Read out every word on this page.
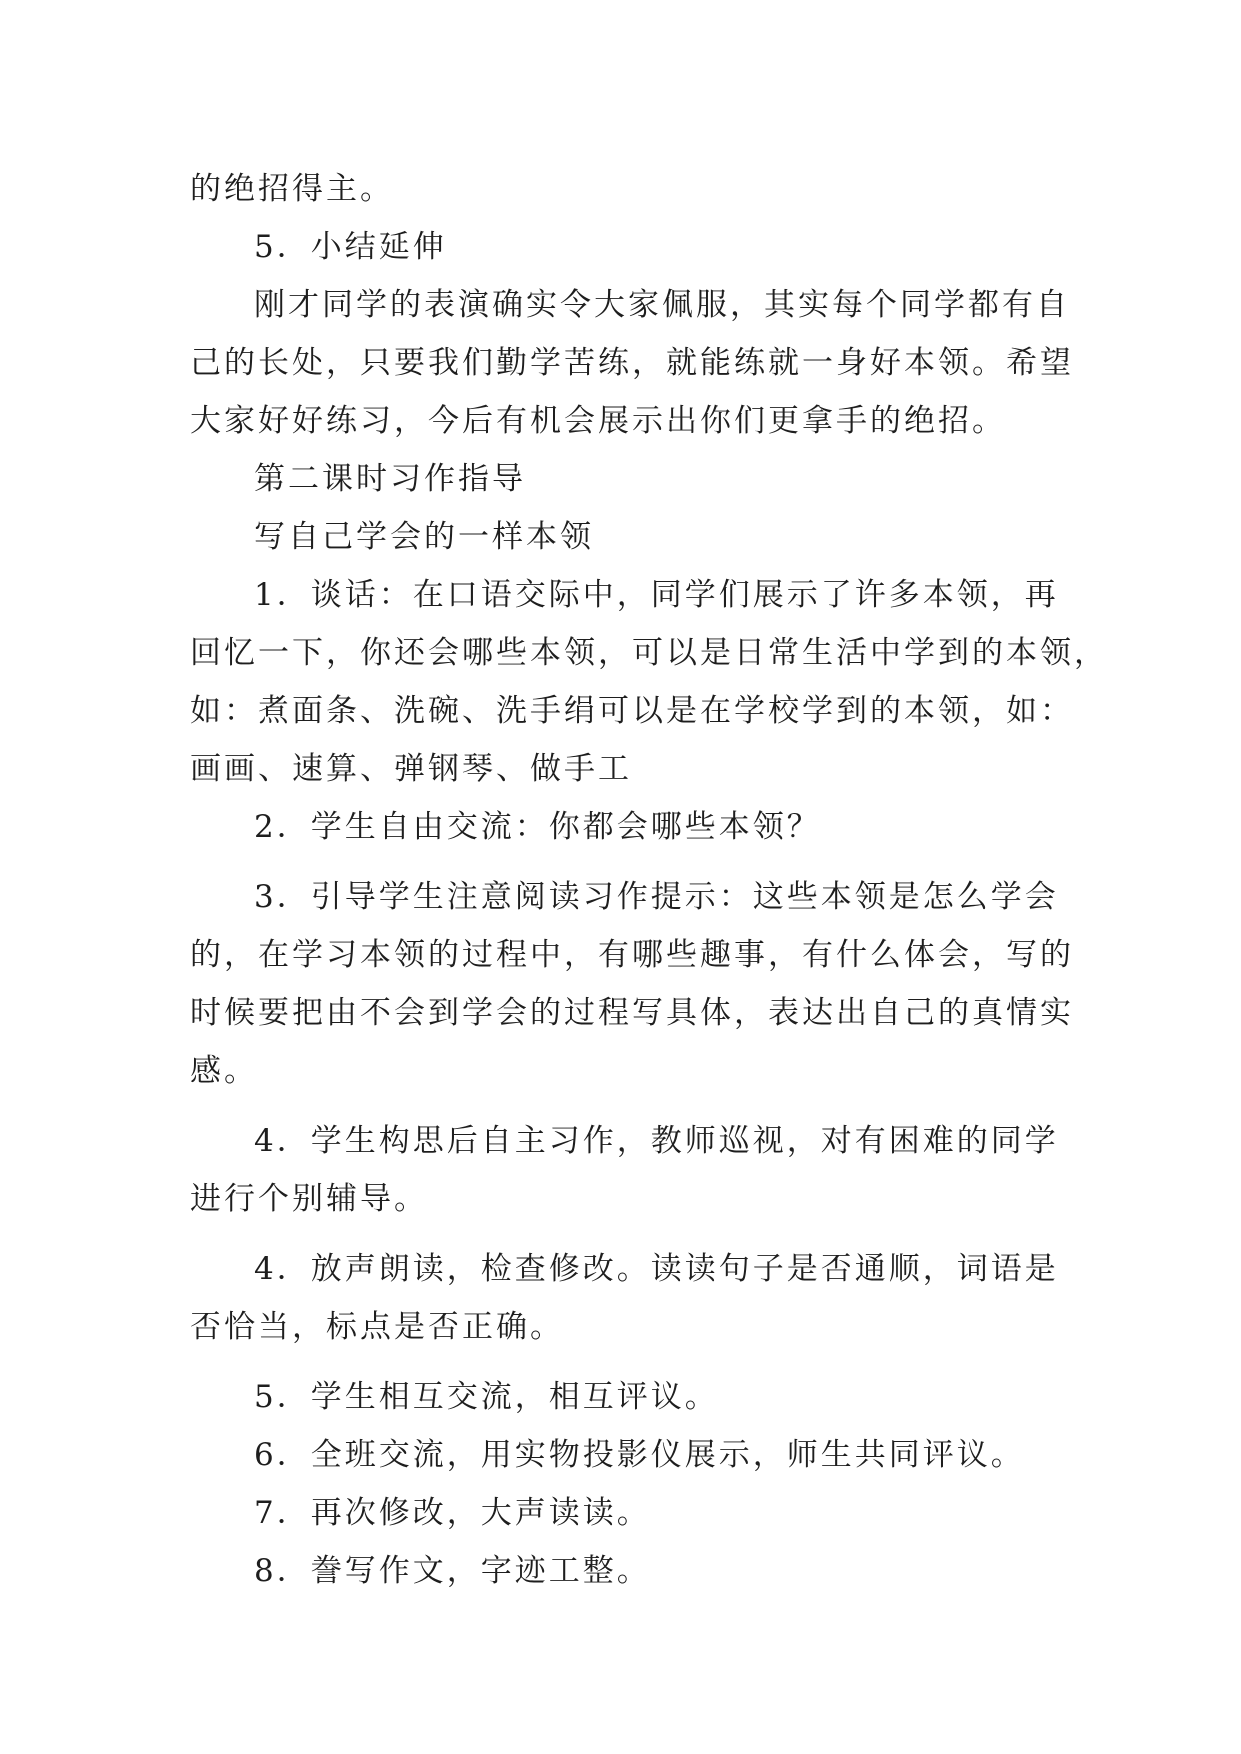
的绝招得主。
5．小结延伸
刚才同学的表演确实令大家佩服，其实每个同学都有自
己的长处，只要我们勤学苦练，就能练就一身好本领。希望
大家好好练习，今后有机会展示出你们更拿手的绝招。
第二课时习作指导
写自己学会的一样本领
1．谈话：在口语交际中，同学们展示了许多本领，再
回忆一下，你还会哪些本领，可以是日常生活中学到的本领，
如：煮面条、洗碗、洗手绢可以是在学校学到的本领，如：
画画、速算、弹钢琴、做手工
2．学生自由交流：你都会哪些本领？
3．引导学生注意阅读习作提示：这些本领是怎么学会
的，在学习本领的过程中，有哪些趣事，有什么体会，写的
时候要把由不会到学会的过程写具体，表达出自己的真情实
感。
4．学生构思后自主习作，教师巡视，对有困难的同学
进行个别辅导。
4．放声朗读，检查修改。读读句子是否通顺，词语是
否恰当，标点是否正确。
5．学生相互交流，相互评议。
6．全班交流，用实物投影仪展示，师生共同评议。
7．再次修改，大声读读。
8．誊写作文，字迹工整。
